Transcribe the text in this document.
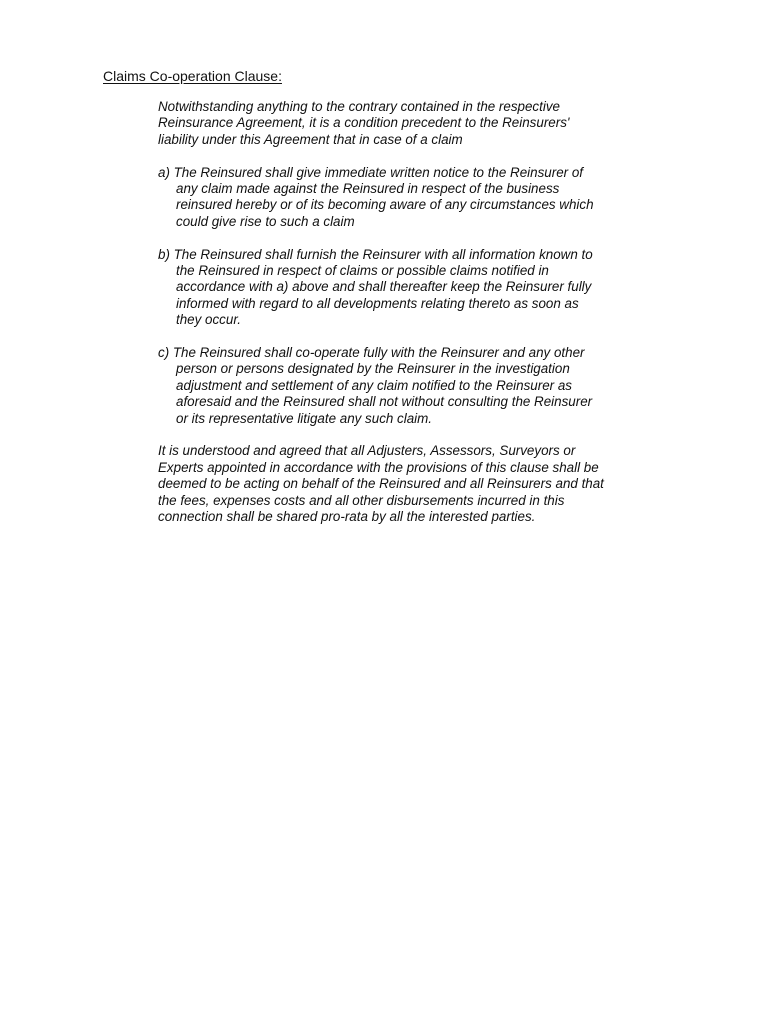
Claims Co-operation Clause:
Notwithstanding anything to the contrary contained in the respective
Reinsurance Agreement, it is a condition precedent to the Reinsurers'
liability under this Agreement that in case of a claim
a) The Reinsured shall give immediate written notice to the Reinsurer of
any claim made against the Reinsured in respect of the business
reinsured hereby or of its becoming aware of any circumstances which
could give rise to such a claim
b) The Reinsured shall furnish the Reinsurer with all information known to
the Reinsured in respect of claims or possible claims notified in
accordance with a) above and shall thereafter keep the Reinsurer fully
informed with regard to all developments relating thereto as soon as
they occur.
c) The Reinsured shall co-operate fully with the Reinsurer and any other
person or persons designated by the Reinsurer in the investigation
adjustment and settlement of any claim notified to the Reinsurer as
aforesaid and the Reinsured shall not without consulting the Reinsurer
or its representative litigate any such claim.
It is understood and agreed that all Adjusters, Assessors, Surveyors or
Experts appointed in accordance with the provisions of this clause shall be
deemed to be acting on behalf of the Reinsured and all Reinsurers and that
the fees, expenses costs and all other disbursements incurred in this
connection shall be shared pro-rata by all the interested parties.
